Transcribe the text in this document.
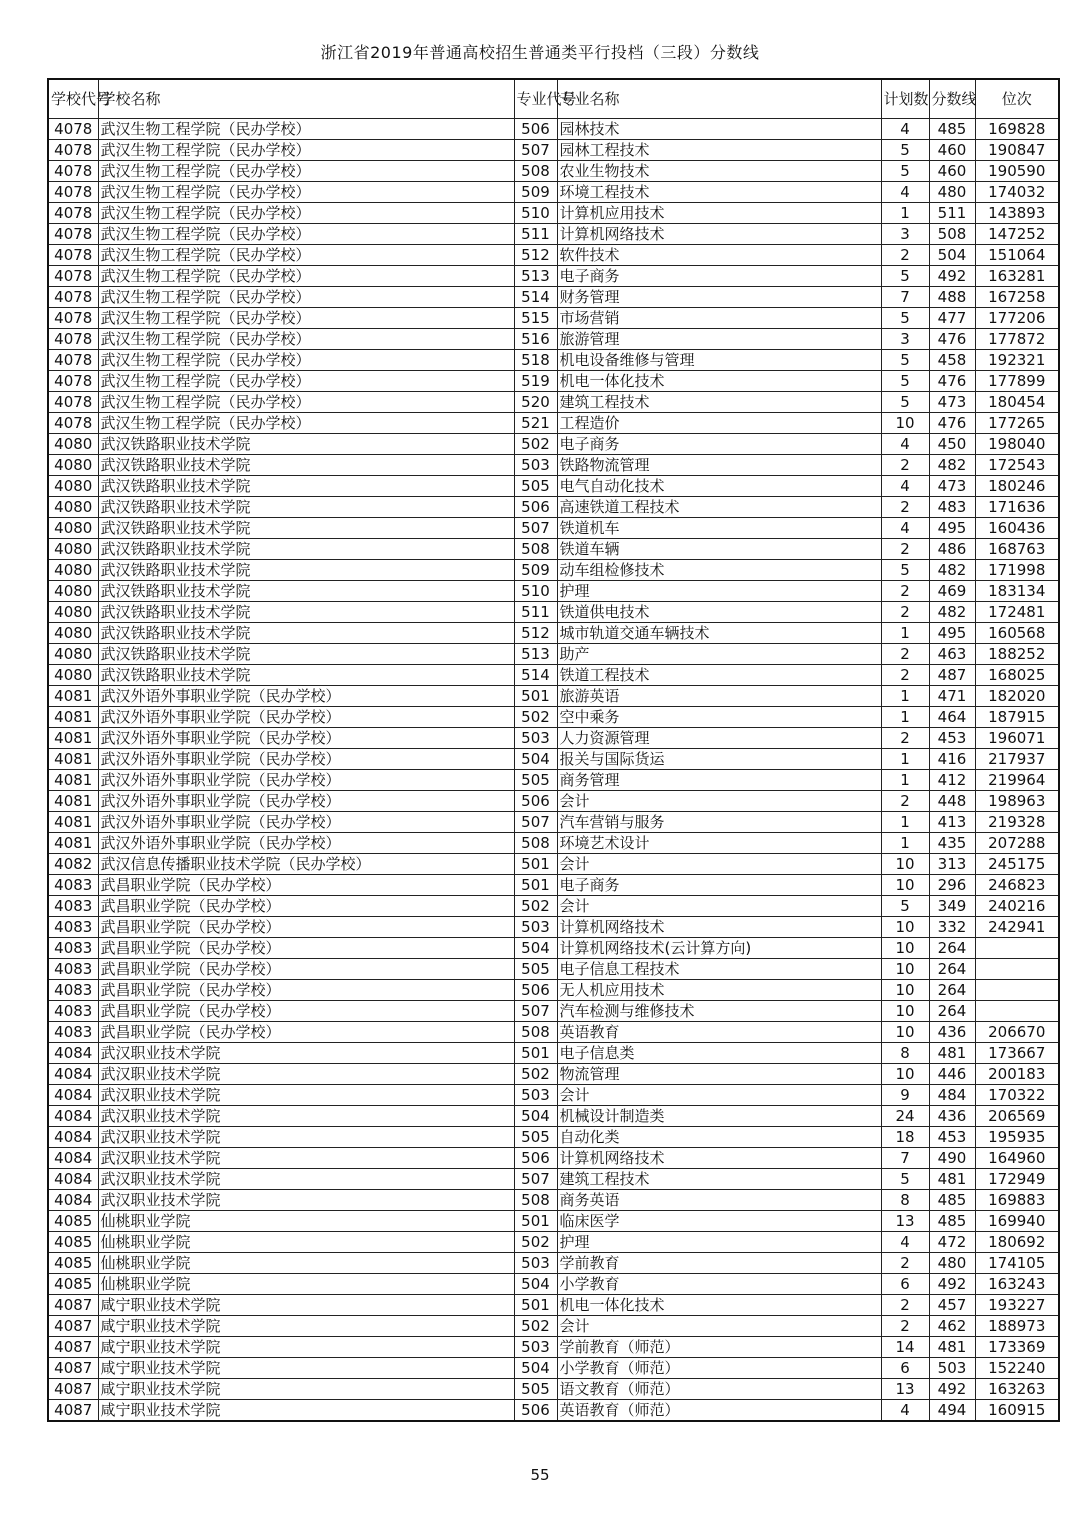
浙江省2019年普通高校招生普通类平行投档（三段）分数线
学校代号	学校名称	专业代号	专业名称	计划数	分数线	位次
4078	武汉生物工程学院（民办学校）	506	园林技术	4	485	169828
4078	武汉生物工程学院（民办学校）	507	园林工程技术	5	460	190847
4078	武汉生物工程学院（民办学校）	508	农业生物技术	5	460	190590
4078	武汉生物工程学院（民办学校）	509	环境工程技术	4	480	174032
4078	武汉生物工程学院（民办学校）	510	计算机应用技术	1	511	143893
4078	武汉生物工程学院（民办学校）	511	计算机网络技术	3	508	147252
4078	武汉生物工程学院（民办学校）	512	软件技术	2	504	151064
4078	武汉生物工程学院（民办学校）	513	电子商务	5	492	163281
4078	武汉生物工程学院（民办学校）	514	财务管理	7	488	167258
4078	武汉生物工程学院（民办学校）	515	市场营销	5	477	177206
4078	武汉生物工程学院（民办学校）	516	旅游管理	3	476	177872
4078	武汉生物工程学院（民办学校）	518	机电设备维修与管理	5	458	192321
4078	武汉生物工程学院（民办学校）	519	机电一体化技术	5	476	177899
4078	武汉生物工程学院（民办学校）	520	建筑工程技术	5	473	180454
4078	武汉生物工程学院（民办学校）	521	工程造价	10	476	177265
4080	武汉铁路职业技术学院	502	电子商务	4	450	198040
4080	武汉铁路职业技术学院	503	铁路物流管理	2	482	172543
4080	武汉铁路职业技术学院	505	电气自动化技术	4	473	180246
4080	武汉铁路职业技术学院	506	高速铁道工程技术	2	483	171636
4080	武汉铁路职业技术学院	507	铁道机车	4	495	160436
4080	武汉铁路职业技术学院	508	铁道车辆	2	486	168763
4080	武汉铁路职业技术学院	509	动车组检修技术	5	482	171998
4080	武汉铁路职业技术学院	510	护理	2	469	183134
4080	武汉铁路职业技术学院	511	铁道供电技术	2	482	172481
4080	武汉铁路职业技术学院	512	城市轨道交通车辆技术	1	495	160568
4080	武汉铁路职业技术学院	513	助产	2	463	188252
4080	武汉铁路职业技术学院	514	铁道工程技术	2	487	168025
4081	武汉外语外事职业学院（民办学校）	501	旅游英语	1	471	182020
4081	武汉外语外事职业学院（民办学校）	502	空中乘务	1	464	187915
4081	武汉外语外事职业学院（民办学校）	503	人力资源管理	2	453	196071
4081	武汉外语外事职业学院（民办学校）	504	报关与国际货运	1	416	217937
4081	武汉外语外事职业学院（民办学校）	505	商务管理	1	412	219964
4081	武汉外语外事职业学院（民办学校）	506	会计	2	448	198963
4081	武汉外语外事职业学院（民办学校）	507	汽车营销与服务	1	413	219328
4081	武汉外语外事职业学院（民办学校）	508	环境艺术设计	1	435	207288
4082	武汉信息传播职业技术学院（民办学校）	501	会计	10	313	245175
4083	武昌职业学院（民办学校）	501	电子商务	10	296	246823
4083	武昌职业学院（民办学校）	502	会计	5	349	240216
4083	武昌职业学院（民办学校）	503	计算机网络技术	10	332	242941
4083	武昌职业学院（民办学校）	504	计算机网络技术(云计算方向)	10	264	
4083	武昌职业学院（民办学校）	505	电子信息工程技术	10	264	
4083	武昌职业学院（民办学校）	506	无人机应用技术	10	264	
4083	武昌职业学院（民办学校）	507	汽车检测与维修技术	10	264	
4083	武昌职业学院（民办学校）	508	英语教育	10	436	206670
4084	武汉职业技术学院	501	电子信息类	8	481	173667
4084	武汉职业技术学院	502	物流管理	10	446	200183
4084	武汉职业技术学院	503	会计	9	484	170322
4084	武汉职业技术学院	504	机械设计制造类	24	436	206569
4084	武汉职业技术学院	505	自动化类	18	453	195935
4084	武汉职业技术学院	506	计算机网络技术	7	490	164960
4084	武汉职业技术学院	507	建筑工程技术	5	481	172949
4084	武汉职业技术学院	508	商务英语	8	485	169883
4085	仙桃职业学院	501	临床医学	13	485	169940
4085	仙桃职业学院	502	护理	4	472	180692
4085	仙桃职业学院	503	学前教育	2	480	174105
4085	仙桃职业学院	504	小学教育	6	492	163243
4087	咸宁职业技术学院	501	机电一体化技术	2	457	193227
4087	咸宁职业技术学院	502	会计	2	462	188973
4087	咸宁职业技术学院	503	学前教育（师范）	14	481	173369
4087	咸宁职业技术学院	504	小学教育（师范）	6	503	152240
4087	咸宁职业技术学院	505	语文教育（师范）	13	492	163263
4087	咸宁职业技术学院	506	英语教育（师范）	4	494	160915
55
